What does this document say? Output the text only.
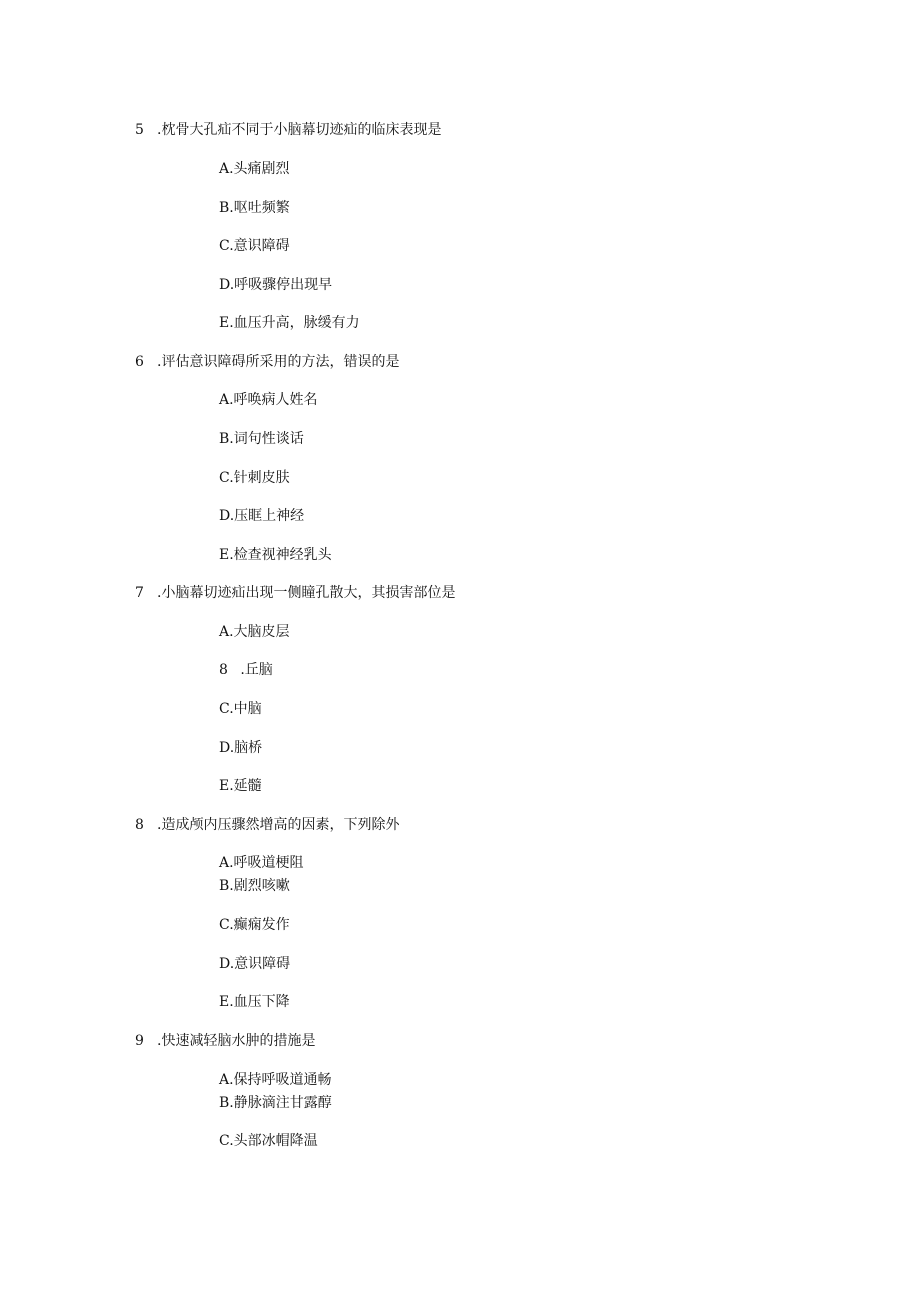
5 .枕骨大孔疝不同于小脑幕切迹疝的临床表现是
A.头痛剧烈
B.呕吐频繁
C.意识障碍
D.呼吸骤停出现早
E.血压升高，脉缓有力
6 .评估意识障碍所采用的方法，错误的是
A.呼唤病人姓名
B.词句性谈话
C.针刺皮肤
D.压眶上神经
E.检查视神经乳头
7 .小脑幕切迹疝出现一侧瞳孔散大，其损害部位是
A.大脑皮层
8 .丘脑
C.中脑
D.脑桥
E.延髓
8 .造成颅内压骤然增高的因素，下列除外
A.呼吸道梗阻
B.剧烈咳嗽
C.癫痫发作
D.意识障碍
E.血压下降
9 .快速减轻脑水肿的措施是
A.保持呼吸道通畅
B.静脉滴注甘露醇
C.头部冰帽降温
